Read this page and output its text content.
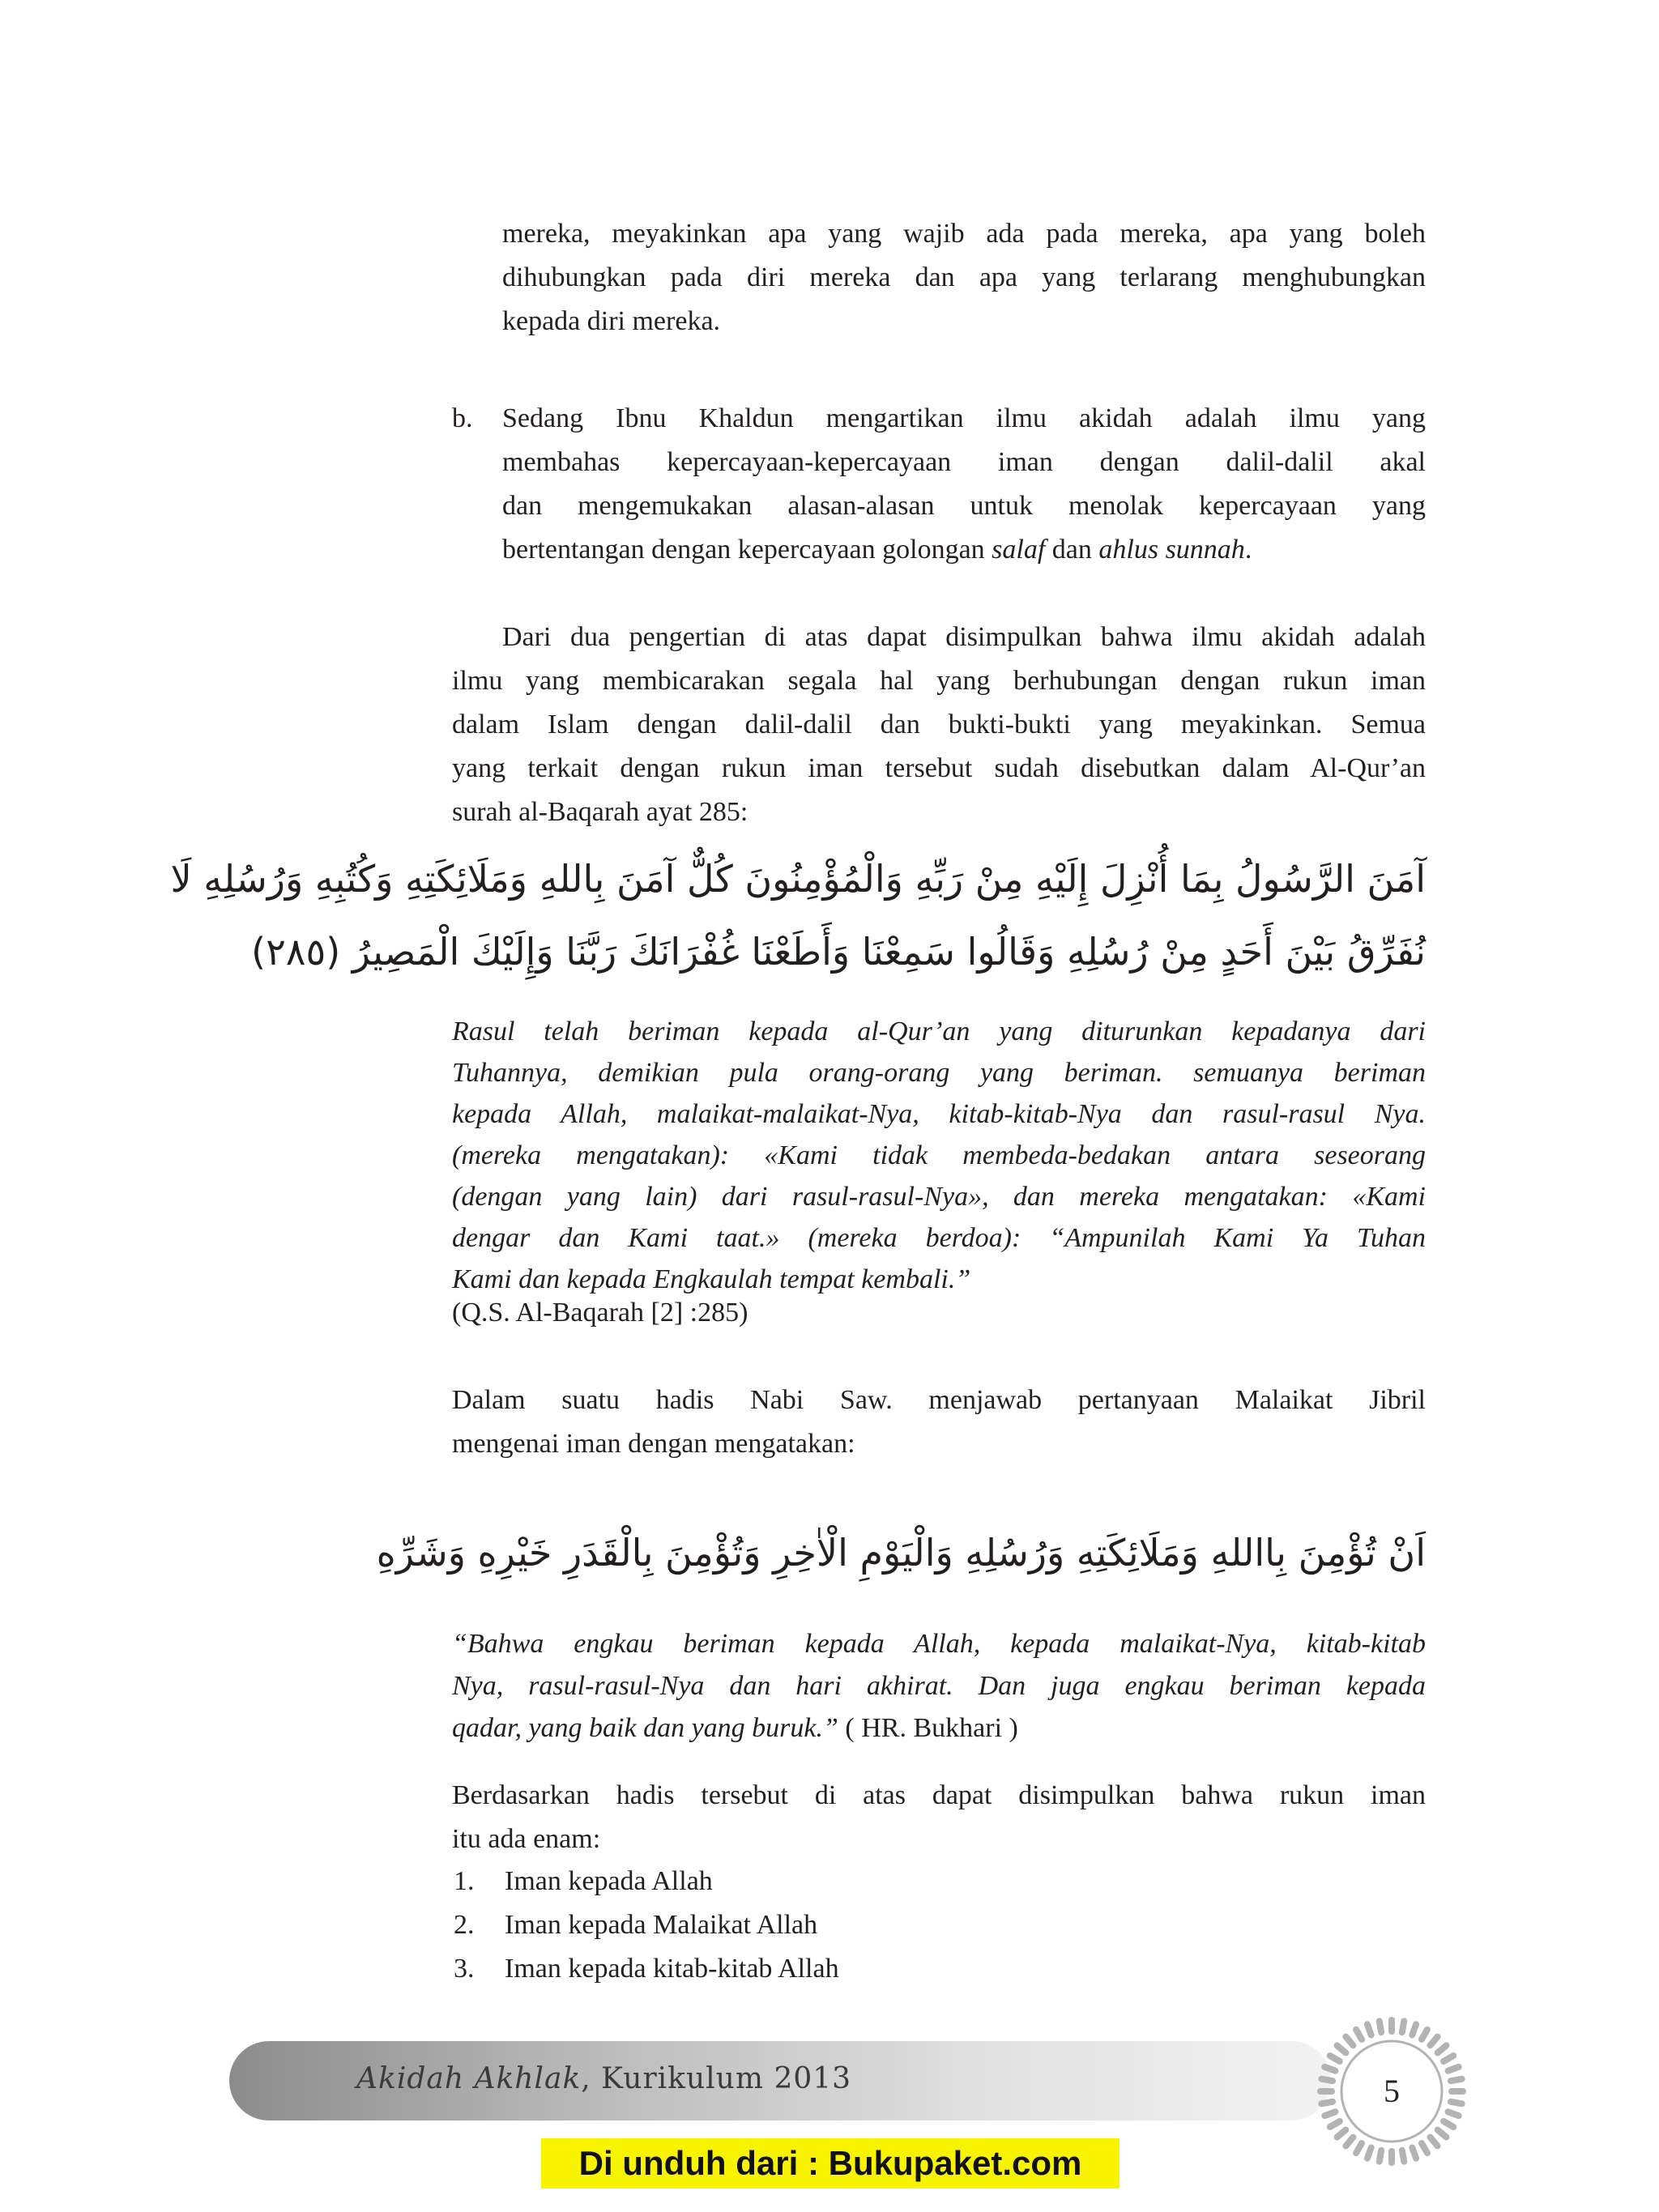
mereka, meyakinkan apa yang wajib ada pada mereka, apa yang boleh
dihubungkan pada diri mereka dan apa yang terlarang menghubungkan
kepada diri mereka.
b. Sedang Ibnu Khaldun mengartikan ilmu akidah adalah ilmu yang
membahas kepercayaan-kepercayaan iman dengan dalil-dalil akal
dan mengemukakan alasan-alasan untuk menolak kepercayaan yang
bertentangan dengan kepercayaan golongan salaf dan ahlus sunnah.
Dari dua pengertian di atas dapat disimpulkan bahwa ilmu akidah adalah
ilmu yang membicarakan segala hal yang berhubungan dengan rukun iman
dalam Islam dengan dalil-dalil dan bukti-bukti yang meyakinkan. Semua
yang terkait dengan rukun iman tersebut sudah disebutkan dalam Al-Qur’an
surah al-Baqarah ayat 285:
آمَنَ الرَّسُولُ بِمَا أُنْزِلَ إِلَيْهِ مِنْ رَبِّهِ وَالْمُؤْمِنُونَ كُلٌّ آمَنَ بِاللهِ وَمَلَائِكَتِهِ وَكُتُبِهِ وَرُسُلِهِ لَا
نُفَرِّقُ بَيْنَ أَحَدٍ مِنْ رُسُلِهِ وَقَالُوا سَمِعْنَا وَأَطَعْنَا غُفْرَانَكَ رَبَّنَا وَإِلَيْكَ الْمَصِيرُ (٢٨٥)
Rasul telah beriman kepada al-Qur’an yang diturunkan kepadanya dari
Tuhannya, demikian pula orang-orang yang beriman. semuanya beriman
kepada Allah, malaikat-malaikat-Nya, kitab-kitab-Nya dan rasul-rasul Nya.
(mereka mengatakan): «Kami tidak membeda-bedakan antara seseorang
(dengan yang lain) dari rasul-rasul-Nya», dan mereka mengatakan: «Kami
dengar dan Kami taat.» (mereka berdoa): “Ampunilah Kami Ya Tuhan
Kami dan kepada Engkaulah tempat kembali.”
(Q.S. Al-Baqarah [2] :285)
Dalam suatu hadis Nabi Saw. menjawab pertanyaan Malaikat Jibril
mengenai iman dengan mengatakan:
اَنْ تُؤْمِنَ بِااللهِ وَمَلَائِكَتِهِ وَرُسُلِهِ وَالْيَوْمِ الْاٰخِرِ وَتُؤْمِنَ بِالْقَدَرِ خَيْرِهِ وَشَرِّهِ
“Bahwa engkau beriman kepada Allah, kepada malaikat-Nya, kitab-kitab
Nya, rasul-rasul-Nya dan hari akhirat. Dan juga engkau beriman kepada
qadar, yang baik dan yang buruk.” ( HR. Bukhari )
Berdasarkan hadis tersebut di atas dapat disimpulkan bahwa rukun iman
itu ada enam:
1. Iman kepada Allah
2. Iman kepada Malaikat Allah
3. Iman kepada kitab-kitab Allah
Akidah Akhlak, Kurikulum 2013	5
Di unduh dari : Bukupaket.com
